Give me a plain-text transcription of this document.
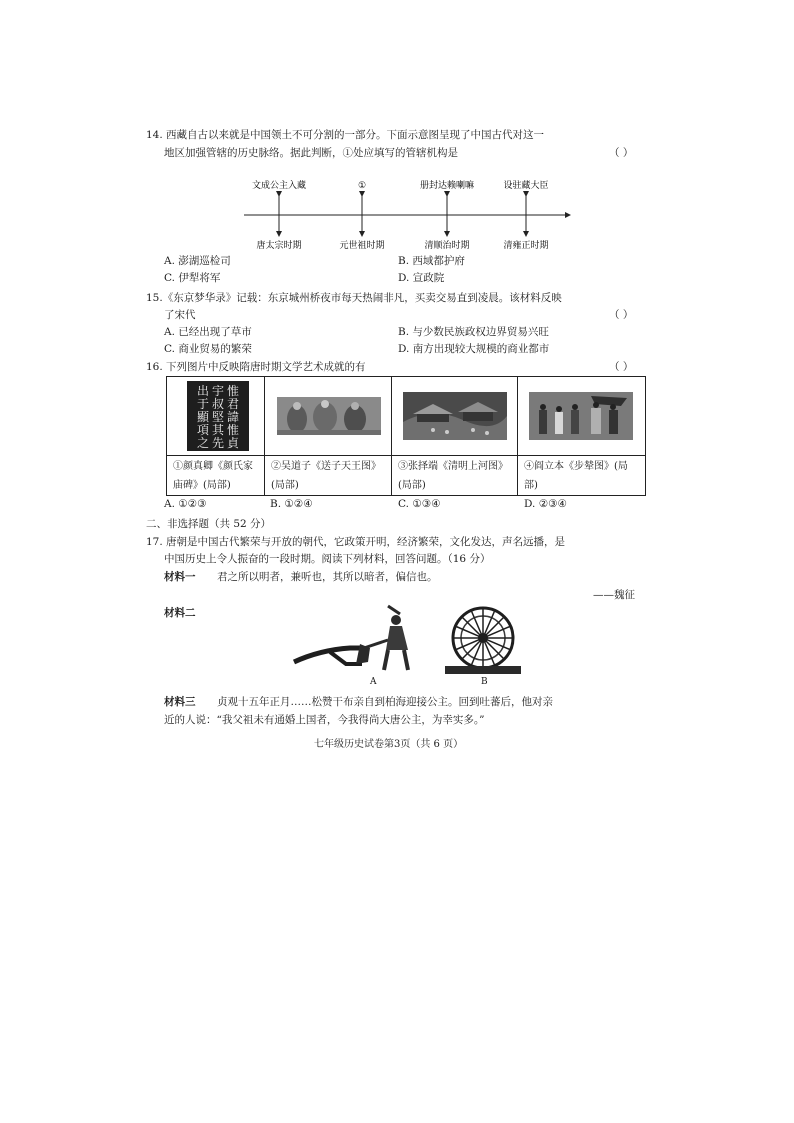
14. 西藏自古以来就是中国领土不可分割的一部分。下面示意图呈现了中国古代对这一
地区加强管辖的历史脉络。据此判断，①处应填写的管辖机构是	（ ）
文成公主入藏	①	册封达赖喇嘛	设驻藏大臣
唐太宗时期	元世祖时期	清顺治时期	清雍正时期
A. 澎湖巡检司	B. 西域都护府
C. 伊犁将军	D. 宣政院
15.《东京梦华录》记载：东京城州桥夜市每天热闹非凡，买卖交易直到凌晨。该材料反映
了宋代	（ ）
A. 已经出现了草市	B. 与少数民族政权边界贸易兴旺
C. 商业贸易的繁荣	D. 南方出现较大规模的商业都市
16. 下列图片中反映隋唐时期文学艺术成就的有	（ ）
出
于
顯
項
之
宇
叔
堅
其
先
惟
君
諱
惟
貞
①颜真卿《颜氏家庙碑》(局部)
②吴道子《送子天王图》(局部)
③张择端《清明上河图》(局部)
④阎立本《步辇图》(局部)
A. ①②③	B. ①②④	C. ①③④	D. ②③④
二、非选择题（共 52 分）
17. 唐朝是中国古代繁荣与开放的朝代，它政策开明，经济繁荣，文化发达，声名远播，是
中国历史上令人振奋的一段时期。阅读下列材料，回答问题。（16 分）
材料一 君之所以明者，兼听也，其所以暗者，偏信也。
——魏征
材料二
A	B
材料三 贞观十五年正月……松赞干布亲自到柏海迎接公主。回到吐蕃后，他对亲
近的人说：“我父祖未有通婚上国者，今我得尚大唐公主，为幸实多。”
七年级历史试卷第3页（共 6 页）
